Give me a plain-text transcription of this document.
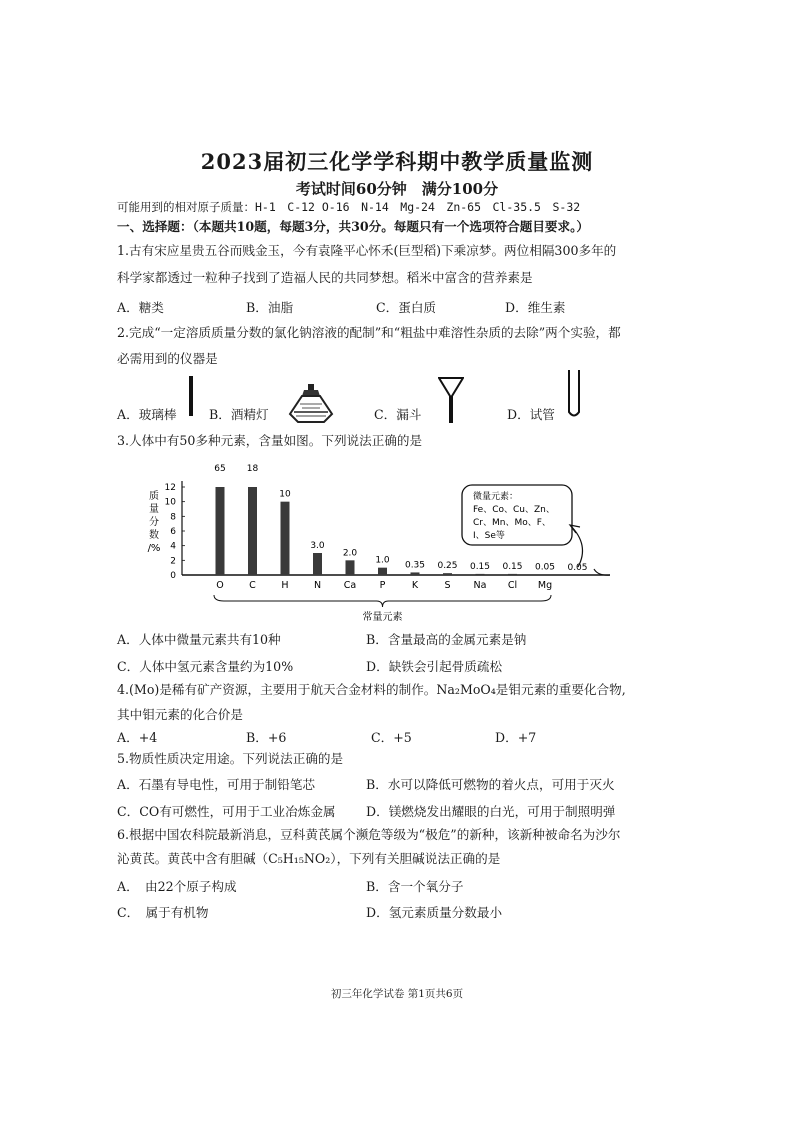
2023届初三化学学科期中教学质量监测
考试时间60分钟　满分100分
可能用到的相对原子质量：H-1　C-12 O-16　N-14　Mg-24　Zn-65　Cl-35.5　S-32
一、选择题：（本题共10题，每题3分，共30分。每题只有一个选项符合题目要求。）
1.古有宋应星贵五谷而贱金玉，今有袁隆平心怀禾(巨型稻)下乘凉梦。两位相隔300多年的
科学家都透过一粒种子找到了造福人民的共同梦想。稻米中富含的营养素是
A．糖类	B．油脂	C．蛋白质	D．维生素
2.完成“一定溶质质量分数的氯化钠溶液的配制”和“粗盐中难溶性杂质的去除”两个实验，都
必需用到的仪器是
A．玻璃棒	B．酒精灯	C．漏斗	D．试管
3.人体中有50多种元素，含量如图。下列说法正确的是
0
2
4
6
8
10
12
质
量
分
数
/%
65
O
18
C
10
H
3.0
N
2.0
Ca
1.0
P
0.35
K
0.25
S
0.15
Na
0.15
Cl
0.05
Mg
0.05
常量元素
微量元素：
Fe、Co、Cu、Zn、
Cr、Mn、Mo、F、
I、Se等
A．人体中微量元素共有10种	B．含量最高的金属元素是钠
C．人体中氢元素含量约为10%	D．缺铁会引起骨质疏松
4.(Mo)是稀有矿产资源，主要用于航天合金材料的制作。Na₂MoO₄是钼元素的重要化合物,
其中钼元素的化合价是
A．+4	B．+6	C．+5	D．+7
5.物质性质决定用途。下列说法正确的是
A．石墨有导电性，可用于制铅笔芯	B．水可以降低可燃物的着火点，可用于灭火
C．CO有可燃性，可用于工业冶炼金属 D．镁燃烧发出耀眼的白光，可用于制照明弹
6.根据中国农科院最新消息，豆科黄芪属个濒危等级为“极危”的新种，该新种被命名为沙尔
沁黄芪。黄芪中含有胆碱（C₅H₁₅NO₂），下列有关胆碱说法正确的是
A．　由22个原子构成	B．含一个氧分子
C．　属于有机物	D．氢元素质量分数最小
初三年化学试卷 第1页共6页
